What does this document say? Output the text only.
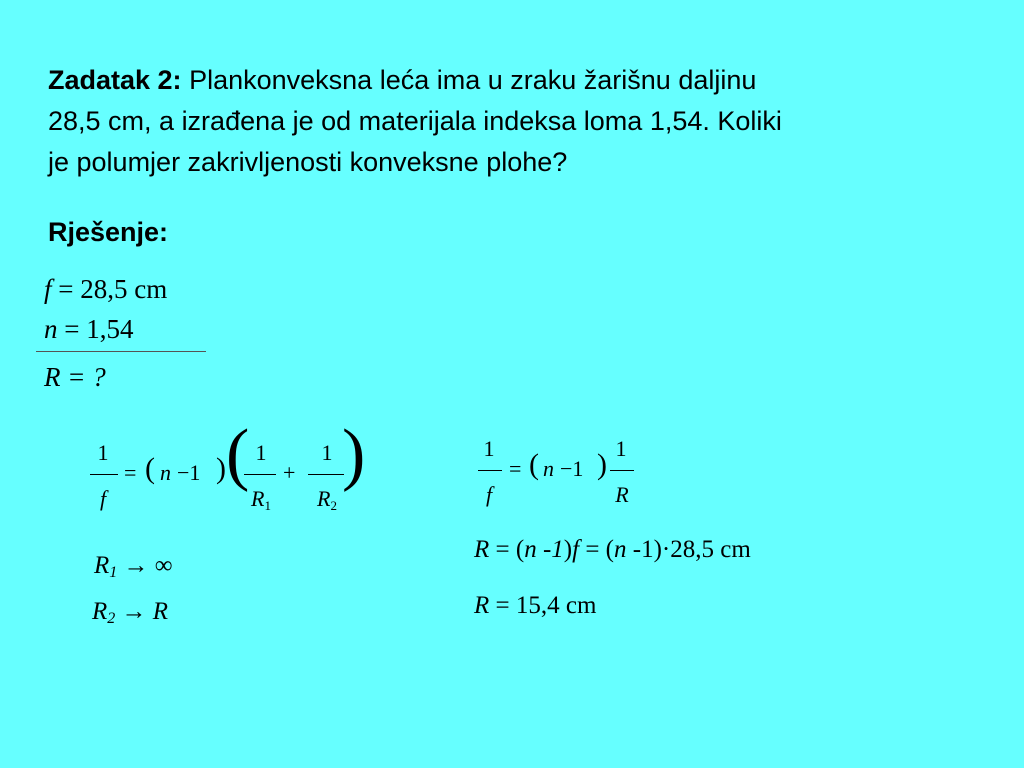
Zadatak 2: Plankonveksna leća ima u zraku žarišnu daljinu
28,5 cm, a izrađena je od materijala indeksa loma 1,54. Koliki
je polumjer zakrivljenosti konveksne plohe?
Rješenje:
f = 28,5 cm
n = 1,54
R = ?
1
f
= ( n −1 ) ( 1
$R_1$
+
1
$R_2$
)
$R_1$ → ∞
$R_2 \to R$
1
f
= ( n −1 ) 1
R
R = (n -1)f = (n -1)·28,5 cm
R = 15,4 cm
